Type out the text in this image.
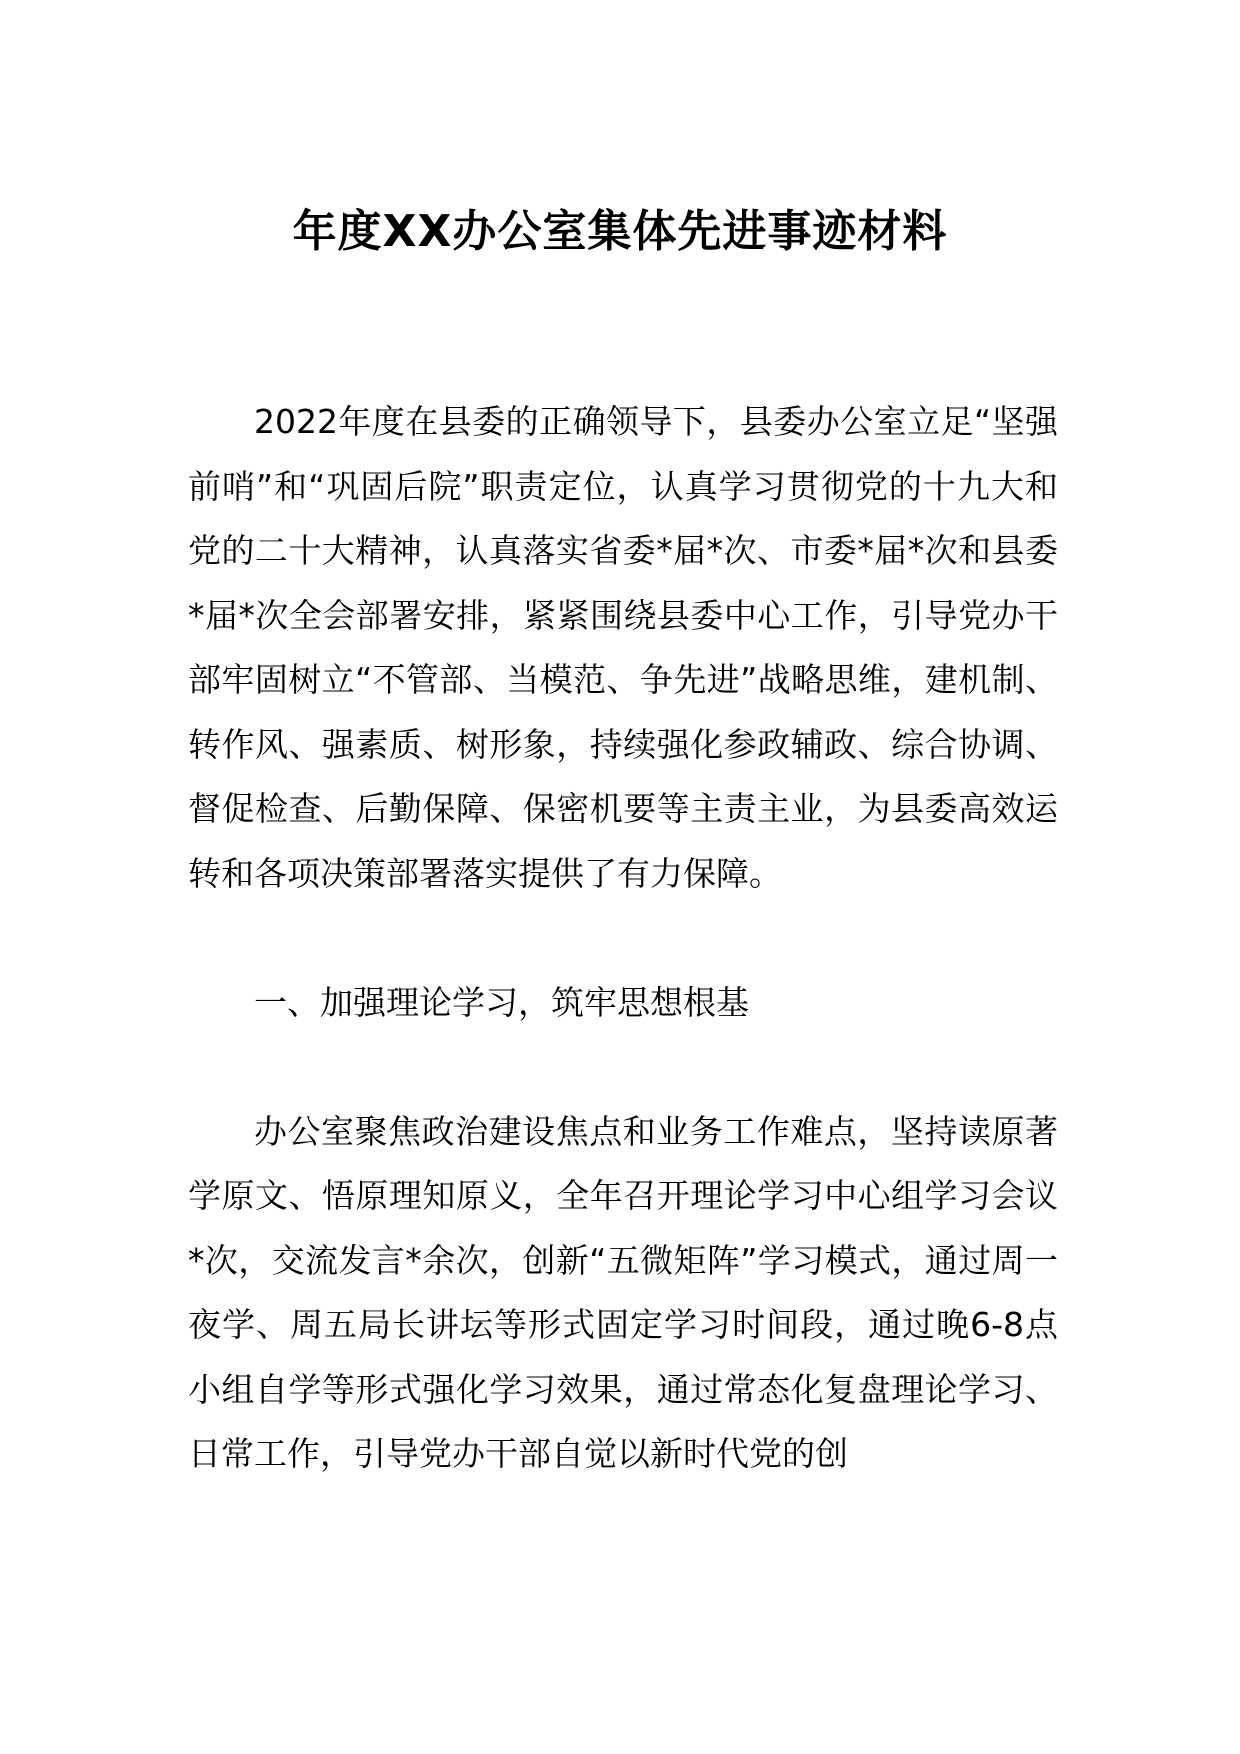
年度XX办公室集体先进事迹材料

2022年度在县委的正确领导下，县委办公室立足“坚强前哨”和“巩固后院”职责定位，认真学习贯彻党的十九大和党的二十大精神，认真落实省委*届*次、市委*届*次和县委*届*次全会部署安排，紧紧围绕县委中心工作，引导党办干部牢固树立“不管部、当模范、争先进”战略思维，建机制、转作风、强素质、树形象，持续强化参政辅政、综合协调、督促检查、后勤保障、保密机要等主责主业，为县委高效运转和各项决策部署落实提供了有力保障。

一、加强理论学习，筑牢思想根基

办公室聚焦政治建设焦点和业务工作难点，坚持读原著学原文、悟原理知原义，全年召开理论学习中心组学习会议*次，交流发言*余次，创新“五微矩阵”学习模式，通过周一夜学、周五局长讲坛等形式固定学习时间段，通过晚6-8点小组自学等形式强化学习效果，通过常态化复盘理论学习、日常工作，引导党办干部自觉以新时代党的创
